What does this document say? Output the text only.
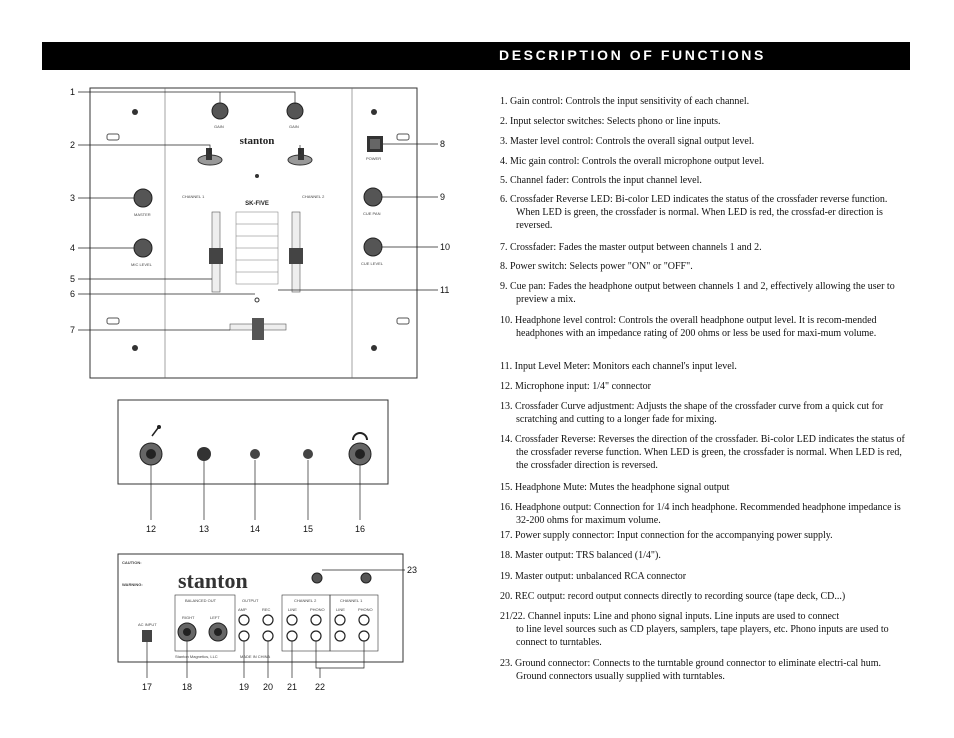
DESCRIPTION OF FUNCTIONS
GAIN	GAIN
stanton
POWER
MASTER
MIC LEVEL
CUE PAN
CUE LEVEL
CHANNEL 1	CHANNEL 2
SK-FIVE
1
2
3
4
5
6
7
8
9
10
11
12	13	14	15	16
CAUTION:
WARNING: stanton
BALANCED OUT
RIGHT	LEFT
OUTPUT
AMP	REC
CHANNEL 2	CHANNEL 1
LINE	PHONO	LINE	PHONO
AC INPUT
Stanton Magnetics, LLC	MADE IN CHINA
23
17	18	19 20 21 22
1. Gain control: Controls the input sensitivity of each channel.
2. Input selector switches: Selects phono or line inputs.
3. Master level control: Controls the overall signal output level.
4. Mic gain control: Controls the overall microphone output level.
5. Channel fader: Controls the input channel level.
6. Crossfader Reverse LED: Bi-color LED indicates the status of the crossfader reverse function. When LED is green, the crossfader is normal. When LED is red, the crossfad-er direction is reversed.
7. Crossfader: Fades the master output between channels 1 and 2.
8. Power switch: Selects power "ON" or "OFF".
9. Cue pan: Fades the headphone output between channels 1 and 2, effectively allowing the user to preview a mix.
10. Headphone level control: Controls the overall headphone output level. It is recom-mended headphones with an impedance rating of 200 ohms or less be used for maxi-mum volume.
11. Input Level Meter: Monitors each channel's input level.
12. Microphone input: 1/4" connector
13. Crossfader Curve adjustment: Adjusts the shape of the crossfader curve from a quick cut for scratching and cutting to a longer fade for mixing.
14. Crossfader Reverse: Reverses the direction of the crossfader. Bi-color LED indicates the status of the crossfader reverse function. When LED is green, the crossfader is normal. When LED is red, the crossfader direction is reversed.
15. Headphone Mute: Mutes the headphone signal output
16. Headphone output: Connection for 1/4 inch headphone. Recommended headphone impedance is 32-200 ohms for maximum volume.
17. Power supply connector: Input connection for the accompanying power supply.
18. Master output: TRS balanced (1/4").
19. Master output: unbalanced RCA connector
20. REC output: record output connects directly to recording source (tape deck, CD...)
21/22. Channel inputs: Line and phono signal inputs. Line inputs are used to connect
to line level sources such as CD players, samplers, tape players, etc. Phono inputs are used to connect to turntables.
23. Ground connector: Connects to the turntable ground connector to eliminate electri-cal hum. Ground connectors usually supplied with turntables.
